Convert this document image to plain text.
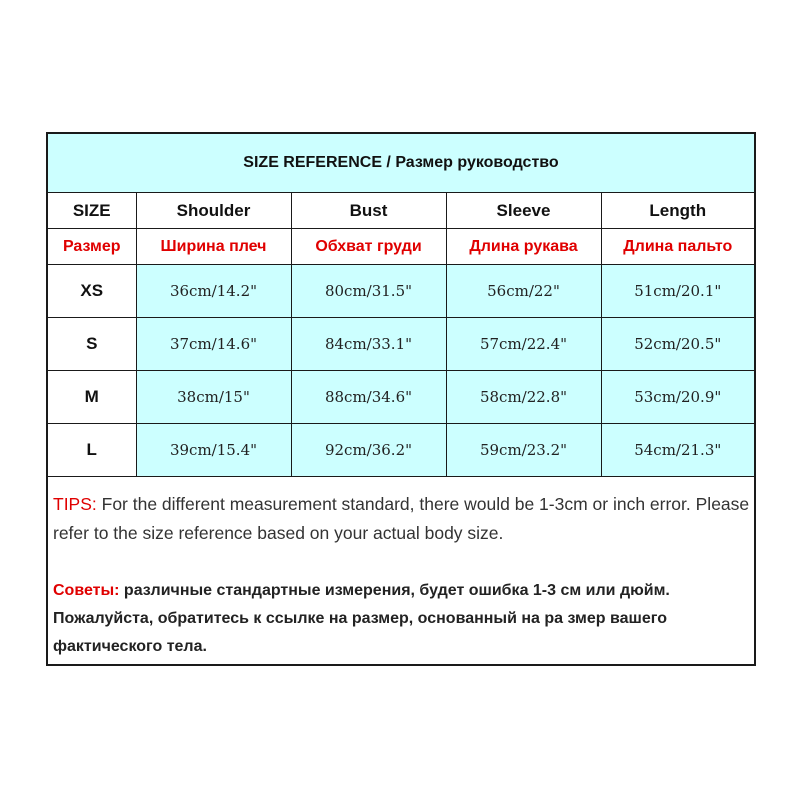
SIZE REFERENCE / Размер руководство				
SIZE	Shoulder	Bust	Sleeve	Length
Размер	Ширина плеч	Обхват груди	Длина рукава	Длина пальто
XS	36cm/14.2"	80cm/31.5"	56cm/22"	51cm/20.1"
S	37cm/14.6"	84cm/33.1"	57cm/22.4"	52cm/20.5"
M	38cm/15"	88cm/34.6"	58cm/22.8"	53cm/20.9"
L	39cm/15.4"	92cm/36.2"	59cm/23.2"	54cm/21.3"
TIPS: For the different measurement standard, there would be 1-3cm or inch error. Please refer to the size reference based on your actual body size.
Советы: различные стандартные измерения, будет ошибка 1-3 см или дюйм. Пожалуйста, обратитесь к ссылке на размер, основанный на ра змер вашего фактического тела.
